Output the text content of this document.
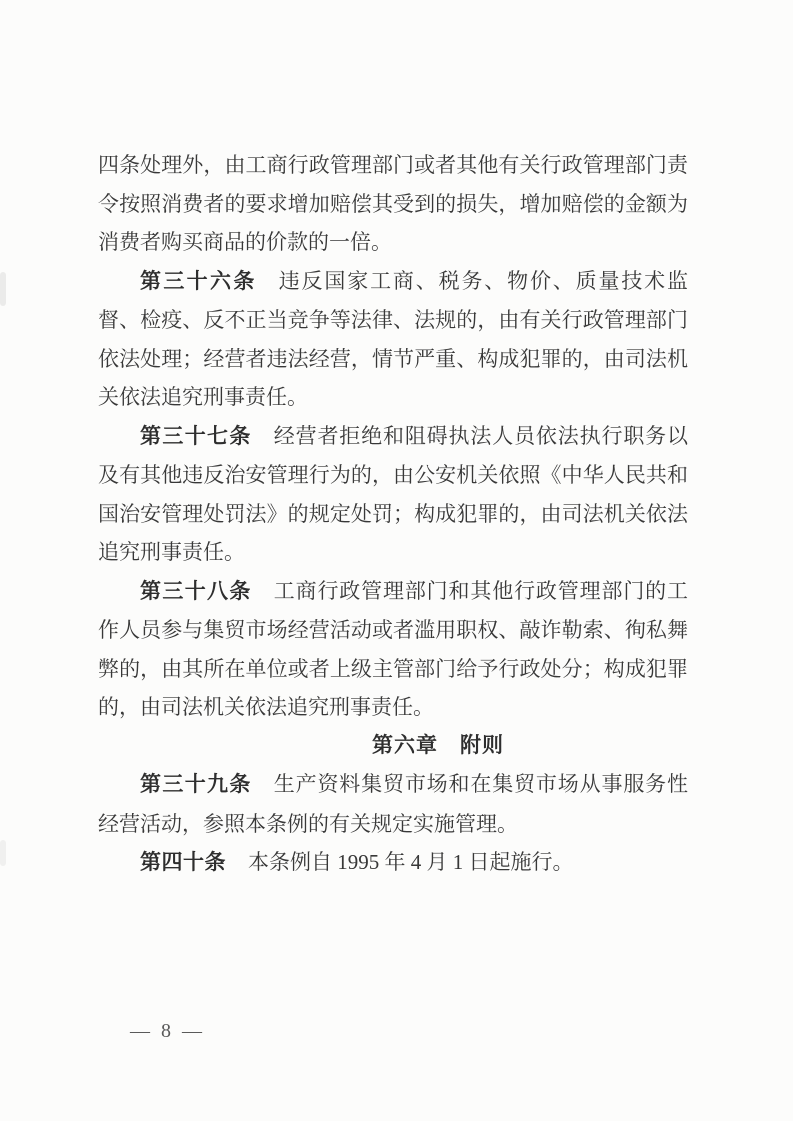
四条处理外，由工商行政管理部门或者其他有关行政管理部门责令按照消费者的要求增加赔偿其受到的损失，增加赔偿的金额为消费者购买商品的价款的一倍。

第三十六条 违反国家工商、税务、物价、质量技术监督、检疫、反不正当竞争等法律、法规的，由有关行政管理部门依法处理；经营者违法经营，情节严重、构成犯罪的，由司法机关依法追究刑事责任。

第三十七条 经营者拒绝和阻碍执法人员依法执行职务以及有其他违反治安管理行为的，由公安机关依照《中华人民共和国治安管理处罚法》的规定处罚；构成犯罪的，由司法机关依法追究刑事责任。

第三十八条 工商行政管理部门和其他行政管理部门的工作人员参与集贸市场经营活动或者滥用职权、敲诈勒索、徇私舞弊的，由其所在单位或者上级主管部门给予行政处分；构成犯罪的，由司法机关依法追究刑事责任。

第六章　附则

第三十九条 生产资料集贸市场和在集贸市场从事服务性经营活动，参照本条例的有关规定实施管理。

第四十条 本条例自 1995 年 4 月 1 日起施行。

— 8 —
